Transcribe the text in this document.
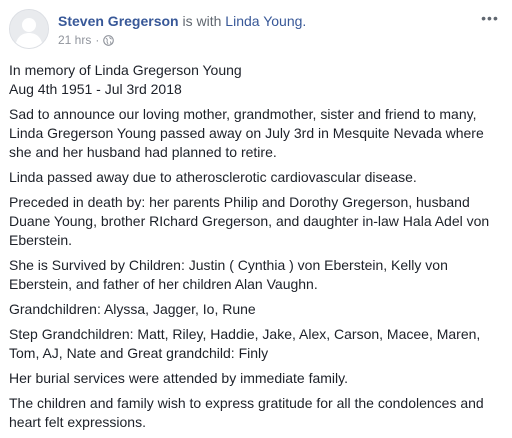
Steven Gregerson is with Linda Young.
21 hrs ·
•••

In memory of Linda Gregerson Young
Aug 4th 1951 - Jul 3rd 2018

Sad to announce our loving mother, grandmother, sister and friend to many, Linda Gregerson Young passed away on July 3rd in Mesquite Nevada where she and her husband had planned to retire.

Linda passed away due to atherosclerotic cardiovascular disease.

Preceded in death by: her parents Philip and Dorothy Gregerson, husband Duane Young, brother RIchard Gregerson, and daughter in-law Hala Adel von Eberstein.

She is Survived by Children: Justin ( Cynthia ) von Eberstein, Kelly von Eberstein, and father of her children Alan Vaughn.

Grandchildren: Alyssa, Jagger, Io, Rune

Step Grandchildren: Matt, Riley, Haddie, Jake, Alex, Carson, Macee, Maren, Tom, AJ, Nate and Great grandchild: Finly

Her burial services were attended by immediate family.

The children and family wish to express gratitude for all the condolences and heart felt expressions.
